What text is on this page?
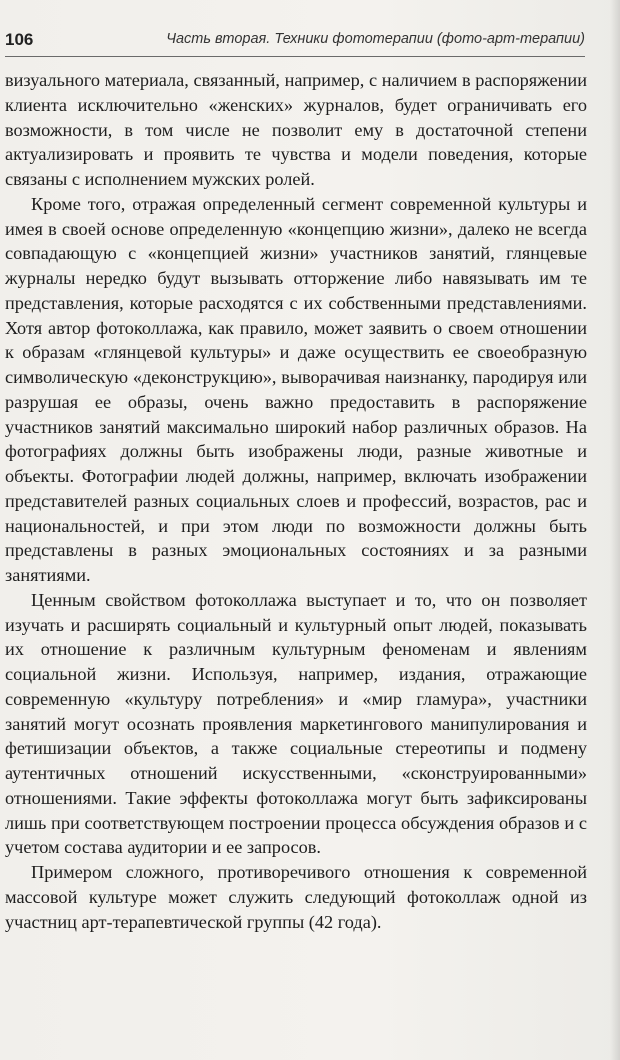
106	Часть вторая. Техники фототерапии (фото-арт-терапии)

визуального материала, связанный, например, с наличием в распоряжении клиента исключительно «женских» журналов, будет ограничивать его возможности, в том числе не позволит ему в достаточной степени актуализировать и проявить те чувства и модели поведения, которые связаны с исполнением мужских ролей.

Кроме того, отражая определенный сегмент современной культуры и имея в своей основе определенную «концепцию жизни», далеко не всегда совпадающую с «концепцией жизни» участников занятий, глянцевые журналы нередко будут вызывать отторжение либо навязывать им те представления, которые расходятся с их собственными представлениями. Хотя автор фотоколлажа, как правило, может заявить о своем отношении к образам «глянцевой культуры» и даже осуществить ее своеобразную символическую «деконструкцию», выворачивая наизнанку, пародируя или разрушая ее образы, очень важно предоставить в распоряжение участников занятий максимально широкий набор различных образов. На фотографиях должны быть изображены люди, разные животные и объекты. Фотографии людей должны, например, включать изображении представителей разных социальных слоев и профессий, возрастов, рас и национальностей, и при этом люди по возможности должны быть представлены в разных эмоциональных состояниях и за разными занятиями.

Ценным свойством фотоколлажа выступает и то, что он позволяет изучать и расширять социальный и культурный опыт людей, показывать их отношение к различным культурным феноменам и явлениям социальной жизни. Используя, например, издания, отражающие современную «культуру потребления» и «мир гламура», участники занятий могут осознать проявления маркетингового манипулирования и фетишизации объектов, а также социальные стереотипы и подмену аутентичных отношений искусственными, «сконструированными» отношениями. Такие эффекты фотоколлажа могут быть зафиксированы лишь при соответствующем построении процесса обсуждения образов и с учетом состава аудитории и ее запросов.

Примером сложного, противоречивого отношения к современной массовой культуре может служить следующий фотоколлаж одной из участниц арт-терапевтической группы (42 года).
